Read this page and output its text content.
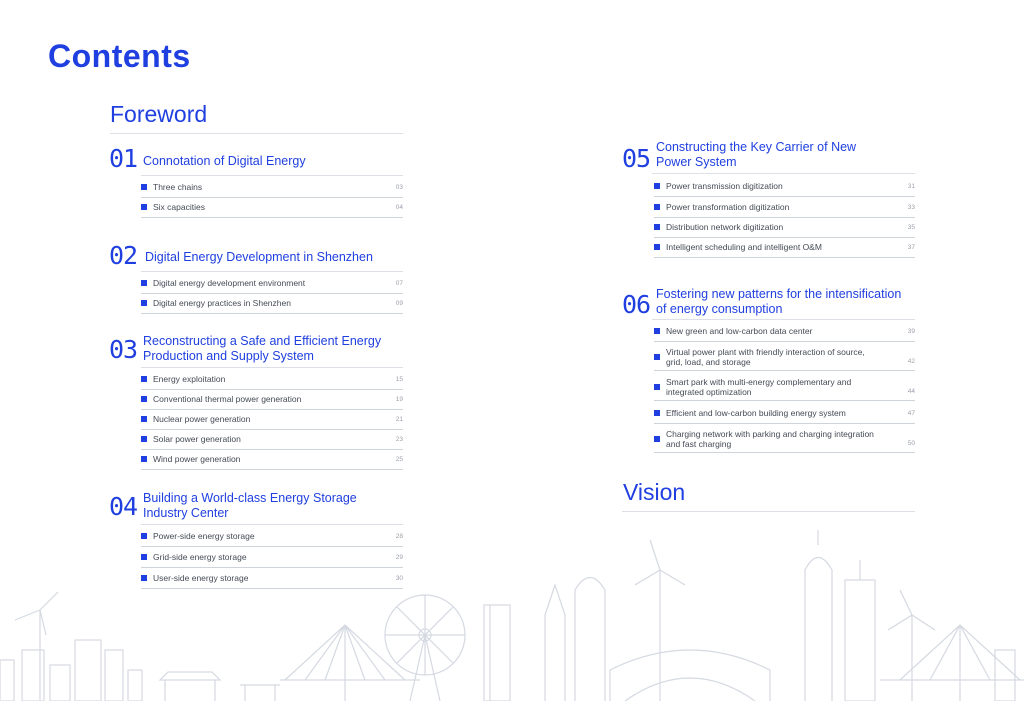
Contents
Foreword
01 Connotation of Digital Energy
Three chains	03
Six capacities	04
02 Digital Energy Development in Shenzhen
Digital energy development environment	07
Digital energy practices in Shenzhen	09
03 Reconstructing a Safe and Efficient Energy
Production and Supply System
Energy exploitation	15
Conventional thermal power generation	19
Nuclear power generation	21
Solar power generation	23
Wind power generation	25
04 Building a World-class Energy Storage
Industry Center
Power-side energy storage	28
Grid-side energy storage	29
User-side energy storage	30
05 Constructing the Key Carrier of New
Power System
Power transmission digitization	31
Power transformation digitization	33
Distribution network digitization	35
Intelligent scheduling and intelligent O&M	37
06 Fostering new patterns for the intensification
of energy consumption
New green and low-carbon data center	39
Virtual power plant with friendly interaction of source,
grid, load, and storage	42
Smart park with multi-energy complementary and
integrated optimization	44
Efficient and low-carbon building energy system	47
Charging network with parking and charging integration
and fast charging	50
Vision
